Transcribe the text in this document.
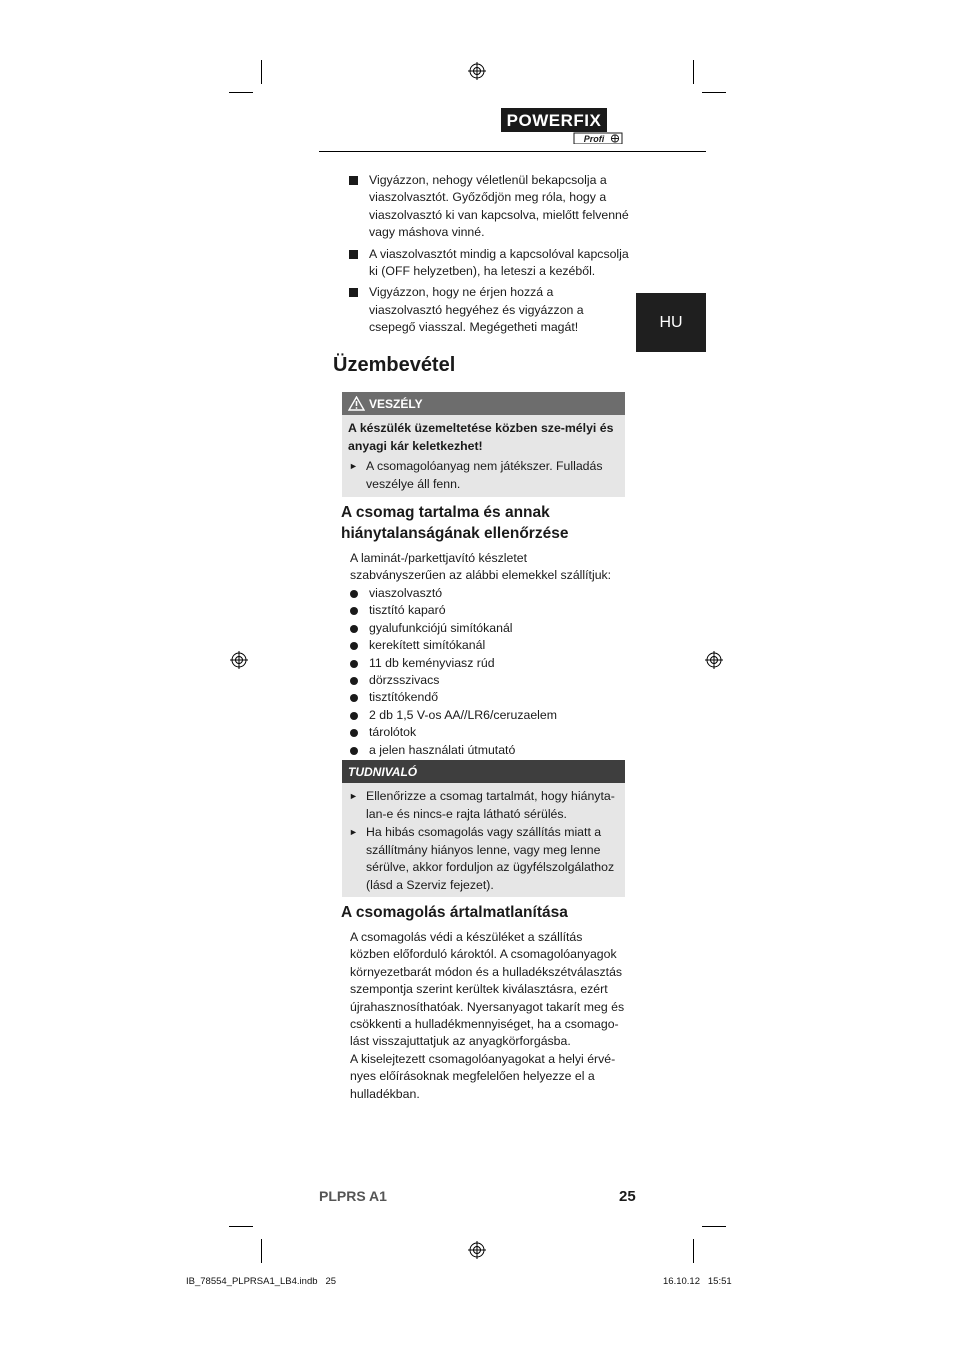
POWERFIX
Profi
HU
Vigyázzon, nehogy véletlenül bekapcsolja a viaszolvasztót. Győződjön meg róla, hogy a viaszolvasztó ki van kapcsolva, mielőtt felvenné vagy máshova vinné.
A viaszolvasztót mindig a kapcsolóval kapcsolja ki (OFF helyzetben), ha leteszi a kezéből.
Vigyázzon, hogy ne érjen hozzá a viaszolvasztó hegyéhez és vigyázzon a csepegő viasszal. Megégetheti magát!
Üzembevétel
VESZÉLY
A készülék üzemeltetése közben sze-mélyi és anyagi kár keletkezhet!
► A csomagolóanyag nem játékszer. Fulladás veszélye áll fenn.
A csomag tartalma és annak hiánytalanságának ellenőrzése
A laminát-/parkettjavító készletet szabványszerűen az alábbi elemekkel szállítjuk:
viaszolvasztó
tisztító kaparó
gyalufunkciójú simítókanál
kerekített simítókanál
11 db keményviasz rúd
dörzsszivacs
tisztítókendő
2 db 1,5 V-os AA//LR6/ceruzaelem
tárolótok
a jelen használati útmutató
TUDNIVALÓ
► Ellenőrizze a csomag tartalmát, hogy hiányta-lan-e és nincs-e rajta látható sérülés.
► Ha hibás csomagolás vagy szállítás miatt a szállítmány hiányos lenne, vagy meg lenne sérülve, akkor forduljon az ügyfélszolgálathoz (lásd a Szerviz fejezet).
A csomagolás ártalmatlanítása
A csomagolás védi a készüléket a szállítás közben előforduló károktól. A csomagolóanyagok környezetbarát módon és a hulladékszétválasztás szempontja szerint kerültek kiválasztásra, ezért újrahasznosíthatóak. Nyersanyagot takarít meg és csökkenti a hulladékmennyiséget, ha a csomago-lást visszajuttatjuk az anyagkörforgásba.
A kiselejtezett csomagolóanyagokat a helyi érvé-nyes előírásoknak megfelelően helyezze el a hulladékban.
PLPRS A1	25
IB_78554_PLPRSA1_LB4.indb   25	16.10.12   15:51
